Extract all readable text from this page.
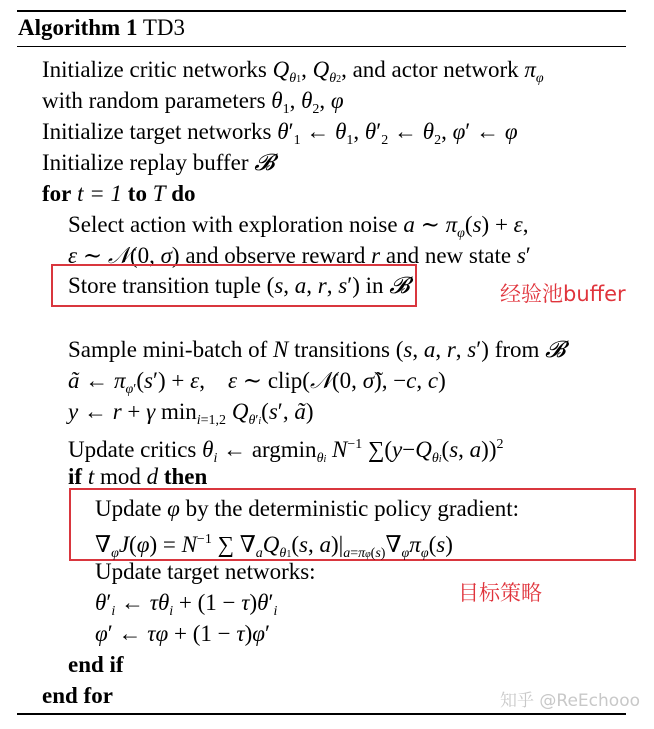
Algorithm 1 TD3
Initialize critic networks $Q_{\theta 1}$, $Q_{\theta 2}$, and actor network $\pi_\varphi$
with random parameters $\theta_1$, $\theta_2$, φ
Initialize target networks $\theta'_1$ ← $\theta_1$, $\theta'_2$ ← $\theta_2$, φ′ ← φ
Initialize replay buffer 𝓑
for t = 1 to T do
Select action with exploration noise a ∼ $\pi_\varphi(s) + \varepsilon$,
ε ∼ 𝒩(0, σ) and observe reward r and new state s′
Store transition tuple (s, a, r, s′) in 𝓑	经验池buffer
Sample mini-batch of N transitions (s, a, r, s′) from 𝓑
ã ← $\pi_{\varphi'}(s') + \varepsilon$,    ε ∼ clip(𝒩(0, σ̃), −c, c)
y ← r + γ $\min_{i=1,2} Q_{\theta'i}(s'$, ã)
Update critics $\theta_i$ ← argmin$_{\theta i}$ $N^{-1}$ $\sum(y-Q_{\theta i}(s$, a))$^2$
if t mod d then
Update φ by the deterministic policy gradient:
$\nabla_\varphi J(\varphi) = N^{-1}$ ∑ $\nabla_aQ_{\theta 1}(s$, $a)|_{a=\pi\varphi(s)}\nabla_\varphi\pi_\varphi(s)$
Update target networks:
目标策略
$\theta'_i$ ← $\tau\theta_i + (1 - \tau)\theta'_i$
φ′ ← τφ + (1 − τ)φ′
end if
end for	知乎 @ReEchooo
